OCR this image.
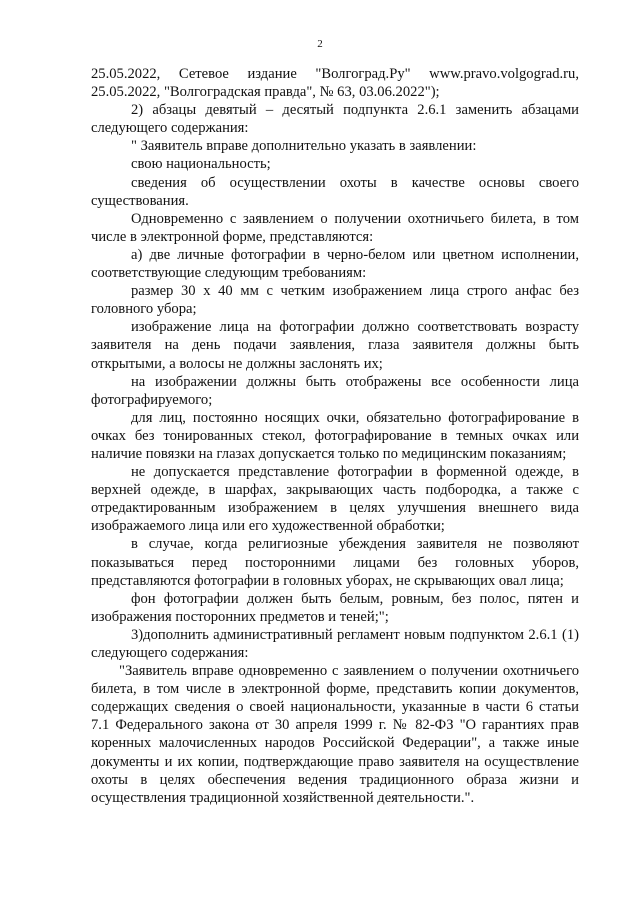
2

25.05.2022, Сетевое издание "Волгоград.Ру" www.pravo.volgograd.ru, 25.05.2022, "Волгоградская правда", № 63, 03.06.2022");

2) абзацы девятый – десятый подпункта 2.6.1 заменить абзацами следующего содержания:

" Заявитель вправе дополнительно указать в заявлении:

свою национальность;

сведения об осуществлении охоты в качестве основы своего существования.

Одновременно с заявлением о получении охотничьего билета, в том числе в электронной форме, представляются:

а) две личные фотографии в черно-белом или цветном исполнении, соответствующие следующим требованиям:

размер 30 х 40 мм с четким изображением лица строго анфас без головного убора;

изображение лица на фотографии должно соответствовать возрасту заявителя на день подачи заявления, глаза заявителя должны быть открытыми, а волосы не должны заслонять их;

на изображении должны быть отображены все особенности лица фотографируемого;

для лиц, постоянно носящих очки, обязательно фотографирование в очках без тонированных стекол, фотографирование в темных очках или наличие повязки на глазах допускается только по медицинским показаниям;

не допускается представление фотографии в форменной одежде, в верхней одежде, в шарфах, закрывающих часть подбородка, а также с отредактированным изображением в целях улучшения внешнего вида изображаемого лица или его художественной обработки;

в случае, когда религиозные убеждения заявителя не позволяют показываться перед посторонними лицами без головных уборов, представляются фотографии в головных уборах, не скрывающих овал лица;

фон фотографии должен быть белым, ровным, без полос, пятен и изображения посторонних предметов и теней;";

3)дополнить административный регламент новым подпунктом 2.6.1 (1) следующего содержания:

"Заявитель вправе одновременно с заявлением о получении охотничьего билета, в том числе в электронной форме, представить копии документов, содержащих сведения о своей национальности, указанные в части 6 статьи 7.1 Федерального закона от 30 апреля 1999 г. № 82-ФЗ "О гарантиях прав коренных малочисленных народов Российской Федерации", а также иные документы и их копии, подтверждающие право заявителя на осуществление охоты в целях обеспечения ведения традиционного образа жизни и осуществления традиционной хозяйственной деятельности.".
